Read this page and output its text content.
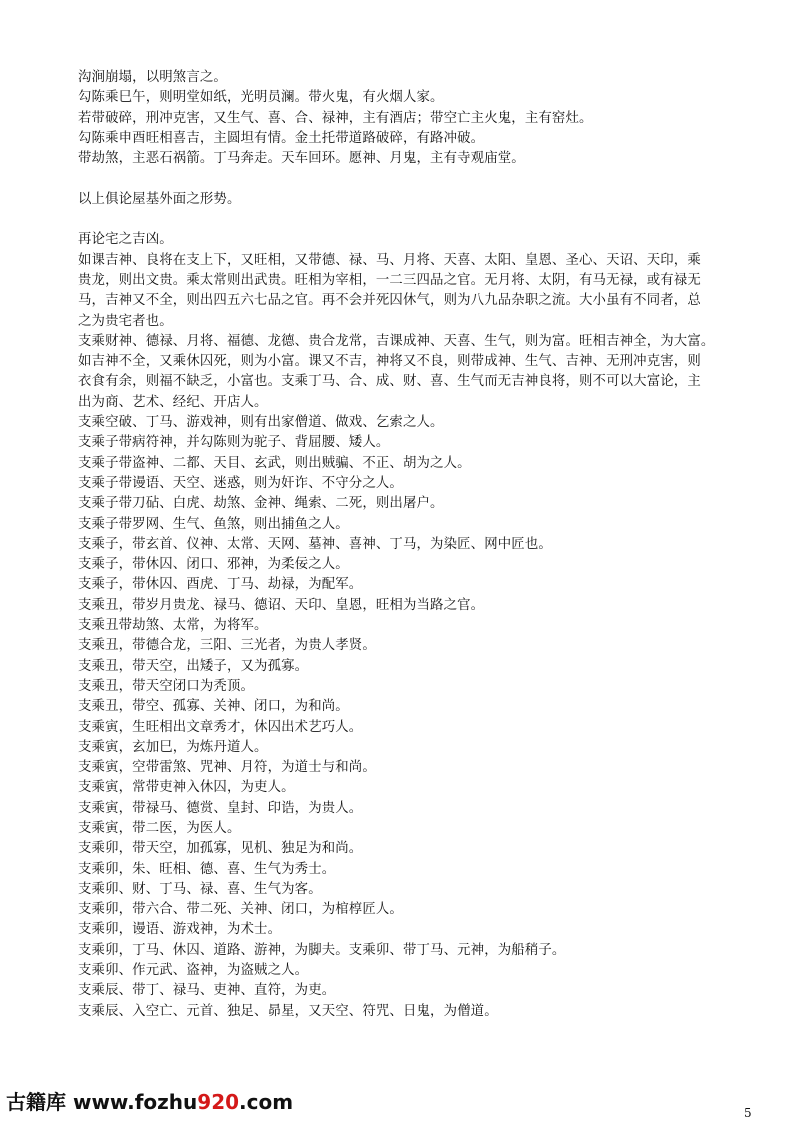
沟涧崩塌，以明煞言之。
勾陈乘巳午，则明堂如纸，光明员澜。带火鬼，有火烟人家。
若带破碎，刑冲克害，又生气、喜、合、禄神，主有酒店；带空亡主火鬼，主有窑灶。
勾陈乘申酉旺相喜吉，主圆坦有情。金土托带道路破碎，有路冲破。
带劫煞，主恶石祸箭。丁马奔走。天车回环。愿神、月鬼，主有寺观庙堂。
以上俱论屋基外面之形势。
再论宅之吉凶。
如课吉神、良将在支上下，又旺相，又带德、禄、马、月将、天喜、太阳、皇恩、圣心、天诏、天印，乘
贵龙，则出文贵。乘太常则出武贵。旺相为宰相，一二三四品之官。无月将、太阴，有马无禄，或有禄无
马，吉神又不全，则出四五六七品之官。再不会并死囚休气，则为八九品杂职之流。大小虽有不同者，总
之为贵宅者也。
支乘财神、德禄、月将、福德、龙德、贵合龙常，吉课成神、天喜、生气，则为富。旺相吉神全，为大富。
如吉神不全，又乘休囚死，则为小富。课又不吉，神将又不良，则带成神、生气、吉神、无刑冲克害，则
衣食有余，则福不缺乏，小富也。支乘丁马、合、成、财、喜、生气而无吉神良将，则不可以大富论，主
出为商、艺术、经纪、开店人。
支乘空破、丁马、游戏神，则有出家僧道、做戏、乞索之人。
支乘子带病符神，并勾陈则为驼子、背屈腰、矮人。
支乘子带盗神、二都、天目、玄武，则出贼骗、不正、胡为之人。
支乘子带谩语、天空、迷惑，则为奸诈、不守分之人。
支乘子带刀砧、白虎、劫煞、金神、绳索、二死，则出屠户。
支乘子带罗网、生气、鱼煞，则出捕鱼之人。
支乘子，带玄首、仪神、太常、天网、墓神、喜神、丁马，为染匠、网中匠也。
支乘子，带休囚、闭口、邪神，为柔佞之人。
支乘子，带休囚、酉虎、丁马、劫禄，为配军。
支乘丑，带岁月贵龙、禄马、德诏、天印、皇恩，旺相为当路之官。
支乘丑带劫煞、太常，为将军。
支乘丑，带德合龙，三阳、三光者，为贵人孝贤。
支乘丑，带天空，出矮子，又为孤寡。
支乘丑，带天空闭口为秃顶。
支乘丑，带空、孤寡、关神、闭口，为和尚。
支乘寅，生旺相出文章秀才，休囚出术艺巧人。
支乘寅，玄加巳，为炼丹道人。
支乘寅，空带雷煞、咒神、月符，为道士与和尚。
支乘寅，常带吏神入休囚，为吏人。
支乘寅，带禄马、德赏、皇封、印诰，为贵人。
支乘寅，带二医，为医人。
支乘卯，带天空，加孤寡，见机、独足为和尚。
支乘卯，朱、旺相、德、喜、生气为秀士。
支乘卯、财、丁马、禄、喜、生气为客。
支乘卯，带六合、带二死、关神、闭口，为棺椁匠人。
支乘卯，谩语、游戏神，为术士。
支乘卯，丁马、休囚、道路、游神，为脚夫。支乘卯、带丁马、元神，为船稍子。
支乘卯、作元武、盗神，为盗贼之人。
支乘辰、带丁、禄马、吏神、直符，为吏。
支乘辰、入空亡、元首、独足、昴星，又天空、符咒、日鬼，为僧道。
古籍库 www.fozhu920.com	5
